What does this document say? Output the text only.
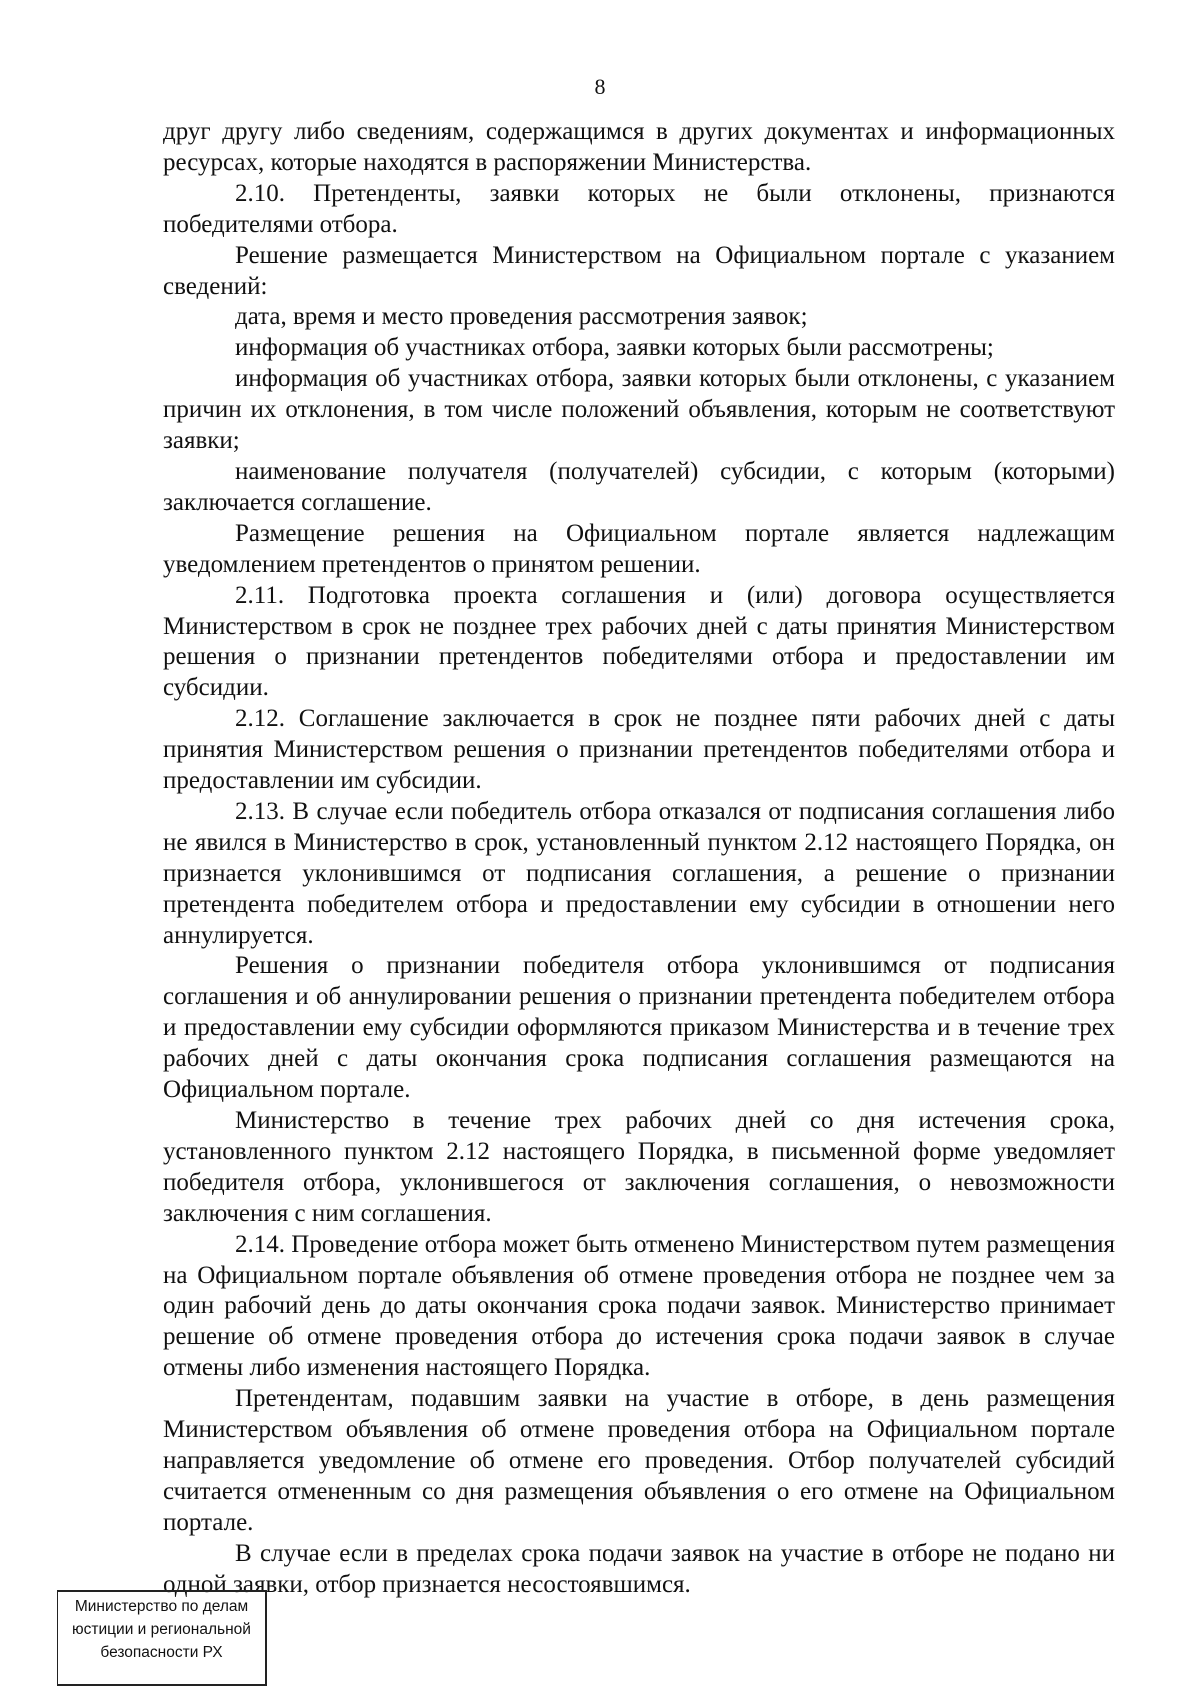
8

друг другу либо сведениям, содержащимся в других документах и информационных ресурсах, которые находятся в распоряжении Министерства.

2.10. Претенденты, заявки которых не были отклонены, признаются победителями отбора.

Решение размещается Министерством на Официальном портале с указанием сведений:

дата, время и место проведения рассмотрения заявок;

информация об участниках отбора, заявки которых были рассмотрены;

информация об участниках отбора, заявки которых были отклонены, с указанием причин их отклонения, в том числе положений объявления, которым не соответствуют заявки;

наименование получателя (получателей) субсидии, с которым (которыми) заключается соглашение.

Размещение решения на Официальном портале является надлежащим уведомлением претендентов о принятом решении.

2.11. Подготовка проекта соглашения и (или) договора осуществляется Министерством в срок не позднее трех рабочих дней с даты принятия Министерством решения о признании претендентов победителями отбора и предоставлении им субсидии.

2.12. Соглашение заключается в срок не позднее пяти рабочих дней с даты принятия Министерством решения о признании претендентов победителями отбора и предоставлении им субсидии.

2.13. В случае если победитель отбора отказался от подписания соглашения либо не явился в Министерство в срок, установленный пунктом 2.12 настоящего Порядка, он признается уклонившимся от подписания соглашения, а решение о признании претендента победителем отбора и предоставлении ему субсидии в отношении него аннулируется.

Решения о признании победителя отбора уклонившимся от подписания соглашения и об аннулировании решения о признании претендента победителем отбора и предоставлении ему субсидии оформляются приказом Министерства и в течение трех рабочих дней с даты окончания срока подписания соглашения размещаются на Официальном портале.

Министерство в течение трех рабочих дней со дня истечения срока, установленного пунктом 2.12 настоящего Порядка, в письменной форме уведомляет победителя отбора, уклонившегося от заключения соглашения, о невозможности заключения с ним соглашения.

2.14. Проведение отбора может быть отменено Министерством путем размещения на Официальном портале объявления об отмене проведения отбора не позднее чем за один рабочий день до даты окончания срока подачи заявок. Министерство принимает решение об отмене проведения отбора до истечения срока подачи заявок в случае отмены либо изменения настоящего Порядка.

Претендентам, подавшим заявки на участие в отборе, в день размещения Министерством объявления об отмене проведения отбора на Официальном портале направляется уведомление об отмене его проведения. Отбор получателей субсидий считается отмененным со дня размещения объявления о его отмене на Официальном портале.

В случае если в пределах срока подачи заявок на участие в отборе не подано ни одной заявки, отбор признается несостоявшимся.

Министерство по делам
юстиции и региональной
безопасности РХ
